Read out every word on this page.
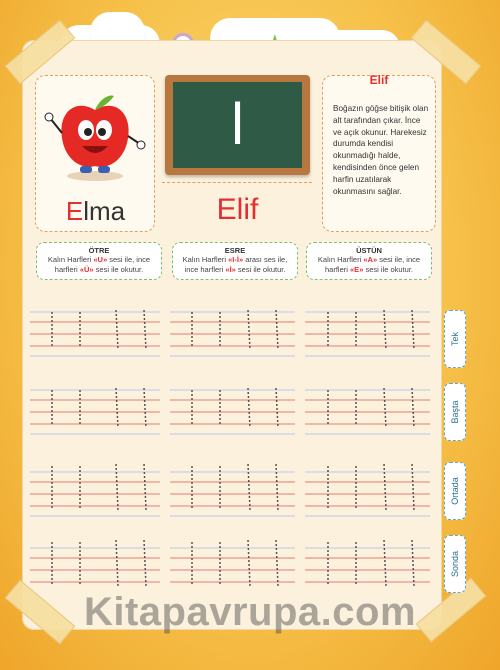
Elma
ا
Elif
Elif
Boğazın göğse bitişik olan alt tarafından çıkar. İnce ve açık okunur. Harekesiz durumda kendisi okunmadığı halde, kendisinden önce gelen harfin uzatılarak okunmasını sağlar.
ÖTRE
Kalın Harfleri «U» sesi ile, ince
harfleri «Ü» sesi ile okutur.
ESRE
Kalın Harfleri «I-İ» arası ses ile,
ince harfleri «İ» sesi ile okutur.
ÜSTÜN
Kalın Harfleri «A» sesi ile, ince
harfleri «E» sesi ile okutur.
Tek
Başta
Ortada
Sonda
Kitapavrupa.com
